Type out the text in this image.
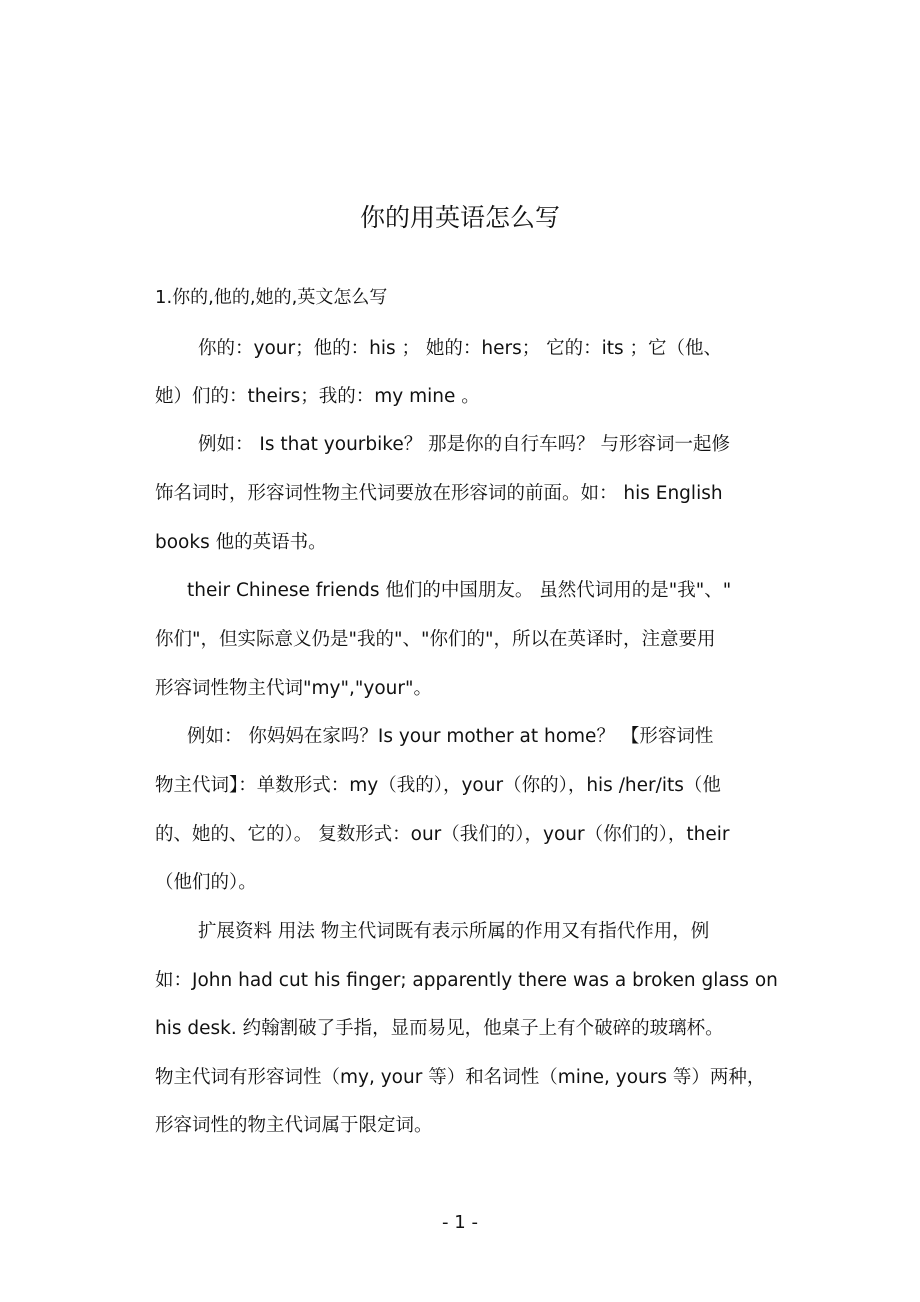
你的用英语怎么写

1.你的,他的,她的,英文怎么写

你的：your；他的：his ； 她的：hers； 它的：its ；它（他、

她）们的：theirs；我的：my mine 。

例如： Is that yourbike？ 那是你的自行车吗？ 与形容词一起修

饰名词时，形容词性物主代词要放在形容词的前面。如： his English

books 他的英语书。

their Chinese friends 他们的中国朋友。 虽然代词用的是"我"、"

你们"，但实际意义仍是"我的"、"你们的"，所以在英译时，注意要用

形容词性物主代词"my","your"。

例如： 你妈妈在家吗？Is your mother at home？ 【形容词性

物主代词】：单数形式：my（我的），your（你的），his /her/its（他

的、她的、它的）。 复数形式：our（我们的），your（你们的），their

（他们的）。

扩展资料 用法 物主代词既有表示所属的作用又有指代作用，例

如：John had cut his finger; apparently there was a broken glass on

his desk. 约翰割破了手指，显而易见，他桌子上有个破碎的玻璃杯。

物主代词有形容词性（my, your 等）和名词性（mine, yours 等）两种，

形容词性的物主代词属于限定词。

- 1 -
